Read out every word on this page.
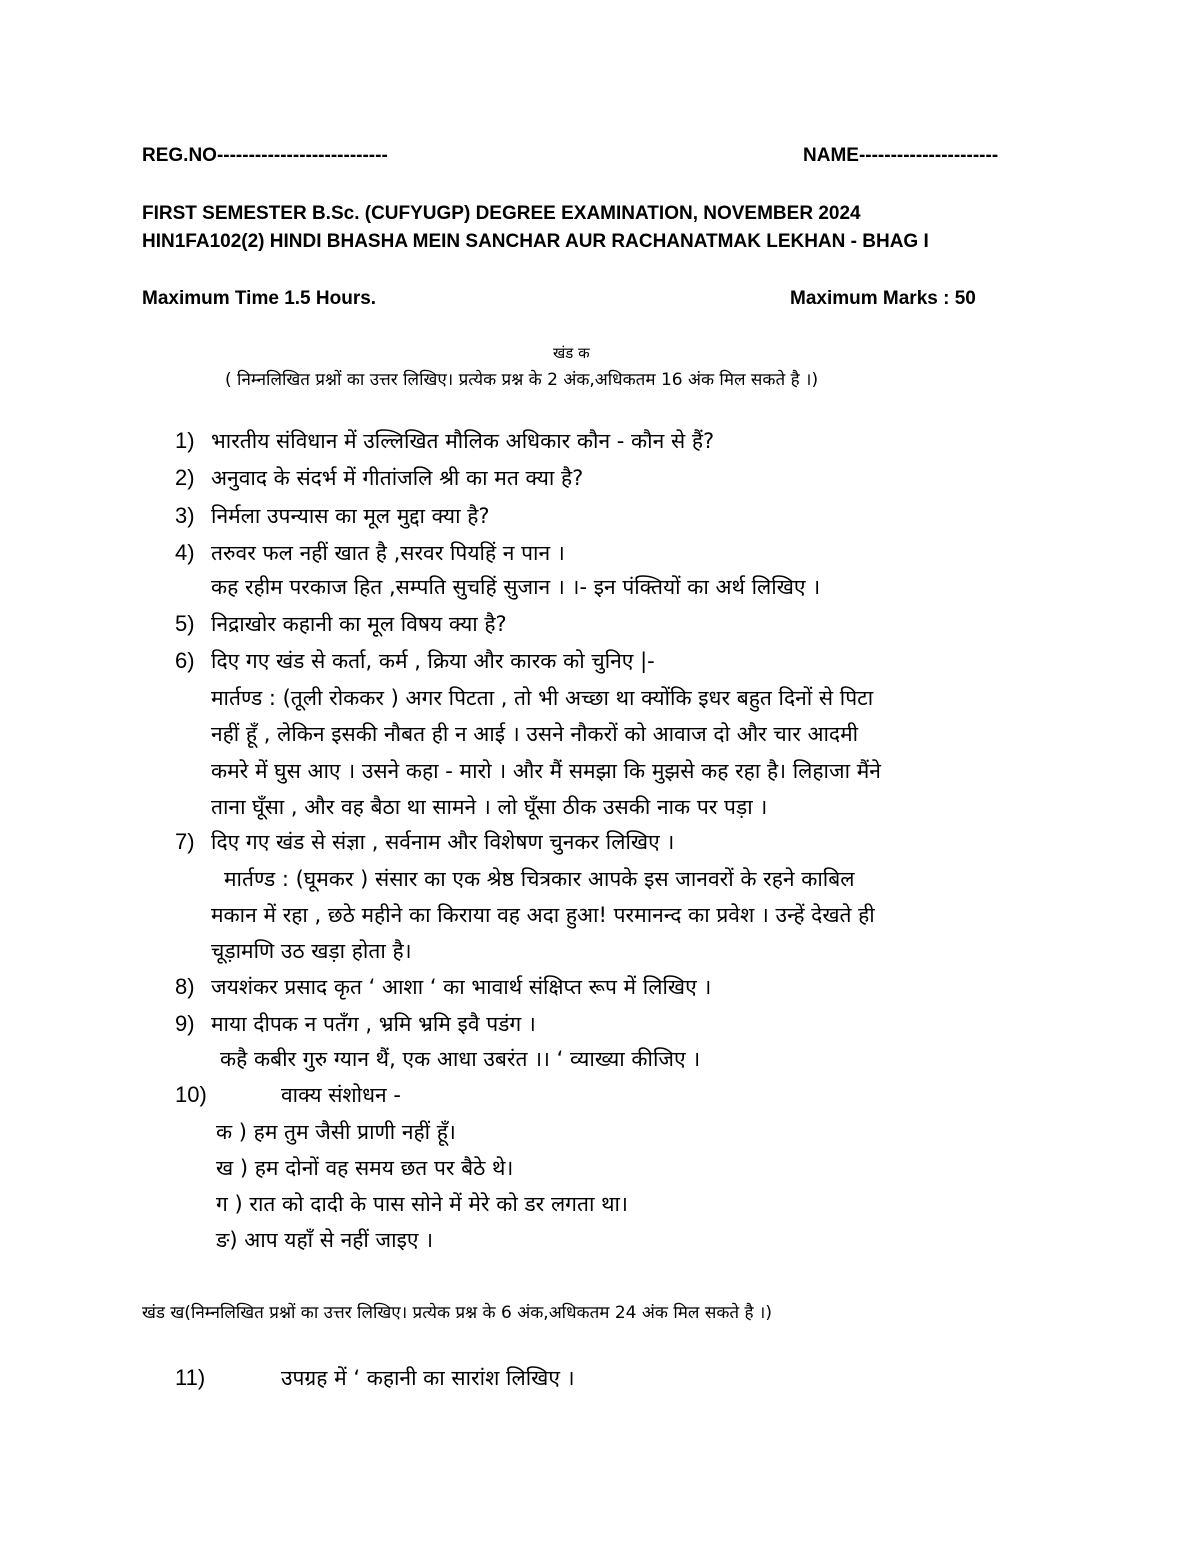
REG.NO---------------------------	NAME----------------------
FIRST SEMESTER B.Sc. (CUFYUGP) DEGREE EXAMINATION, NOVEMBER 2024
HIN1FA102(2) HINDI BHASHA MEIN SANCHAR AUR RACHANATMAK LEKHAN - BHAG I
Maximum Time 1.5 Hours.	Maximum Marks : 50
खंड क
( निम्नलिखित प्रश्नों का उत्तर लिखिए। प्रत्येक प्रश्न के 2 अंक,अधिकतम 16 अंक मिल सकते है ।)
1) भारतीय संविधान में उल्लिखित मौलिक अधिकार कौन - कौन से हैं?
2) अनुवाद के संदर्भ में गीतांजलि श्री का मत क्या है?
3) निर्मला उपन्यास का मूल मुद्दा क्या है?
4) तरुवर फल नहीं खात है ,सरवर पियहिं न पान ।
कह रहीम परकाज हित ,सम्पति सुचहिं सुजान । ।- इन पंक्तियों का अर्थ लिखिए ।
5) निद्राखोर कहानी का मूल विषय क्या है?
6) दिए गए खंड से कर्ता, कर्म , क्रिया और कारक को चुनिए |-
मार्तण्ड : (तूली रोककर ) अगर पिटता , तो भी अच्छा था क्योंकि इधर बहुत दिनों से पिटा
नहीं हूँ , लेकिन इसकी नौबत ही न आई । उसने नौकरों को आवाज दो और चार आदमी
कमरे में घुस आए । उसने कहा - मारो । और मैं समझा कि मुझसे कह रहा है। लिहाजा मैंने
ताना घूँसा , और वह बैठा था सामने । लो घूँसा ठीक उसकी नाक पर पड़ा ।
7) दिए गए खंड से संज्ञा , सर्वनाम और विशेषण चुनकर लिखिए ।
मार्तण्ड : (घूमकर ) संसार का एक श्रेष्ठ चित्रकार आपके इस जानवरों के रहने काबिल
मकान में रहा , छठे महीने का किराया वह अदा हुआ! परमानन्द का प्रवेश । उन्हें देखते ही
चूड़ामणि उठ खड़ा होता है।
8) जयशंकर प्रसाद कृत ‘ आशा ‘ का भावार्थ संक्षिप्त रूप में लिखिए ।
9) माया दीपक न पतँग , भ्रमि भ्रमि इवै पडंग ।
कहै कबीर गुरु ग्यान थैं, एक आधा उबरंत ।। ‘ व्याख्या कीजिए ।
10)	वाक्य संशोधन -
क ) हम तुम जैसी प्राणी नहीं हूँ।
ख ) हम दोनों वह समय छत पर बैठे थे।
ग ) रात को दादी के पास सोने में मेरे को डर लगता था।
ङ) आप यहाँ से नहीं जाइए ।
खंड ख(निम्नलिखित प्रश्नों का उत्तर लिखिए। प्रत्येक प्रश्न के 6 अंक,अधिकतम 24 अंक मिल सकते है ।)
11)	उपग्रह में ‘ कहानी का सारांश लिखिए ।
